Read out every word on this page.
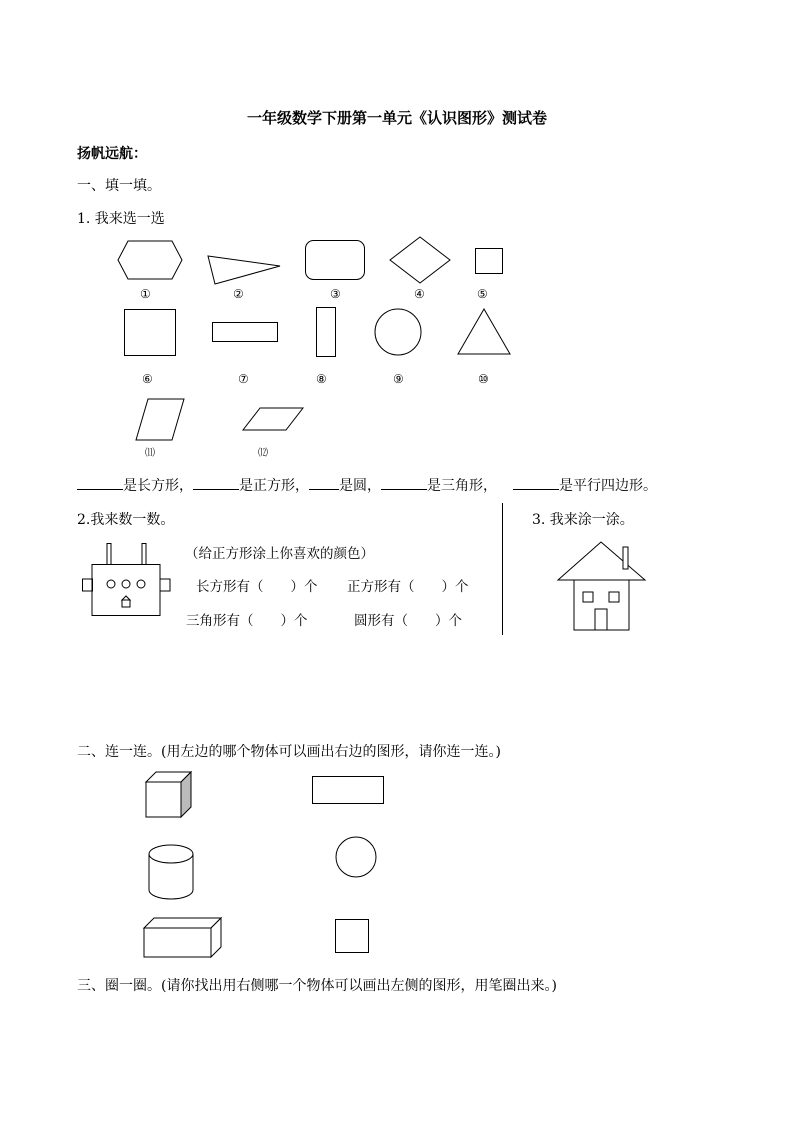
一年级数学下册第一单元《认识图形》测试卷
扬帆远航：
一、填一填。
1. 我来选一选
①	②	③	④	⑤
⑥	⑦	⑧	⑨	⑩
⑾	⑿
是长方形，	是正方形， 是圆，	是三角形，	是平行四边形。
2.我来数一数。
（给正方形涂上你喜欢的颜色）
长方形有（　　）个 正方形有（　　）个
三角形有（　　）个	圆形有（　　）个
3. 我来涂一涂。
二、连一连。(用左边的哪个物体可以画出右边的图形，请你连一连。)
三、圈一圈。(请你找出用右侧哪一个物体可以画出左侧的图形，用笔圈出来。)
